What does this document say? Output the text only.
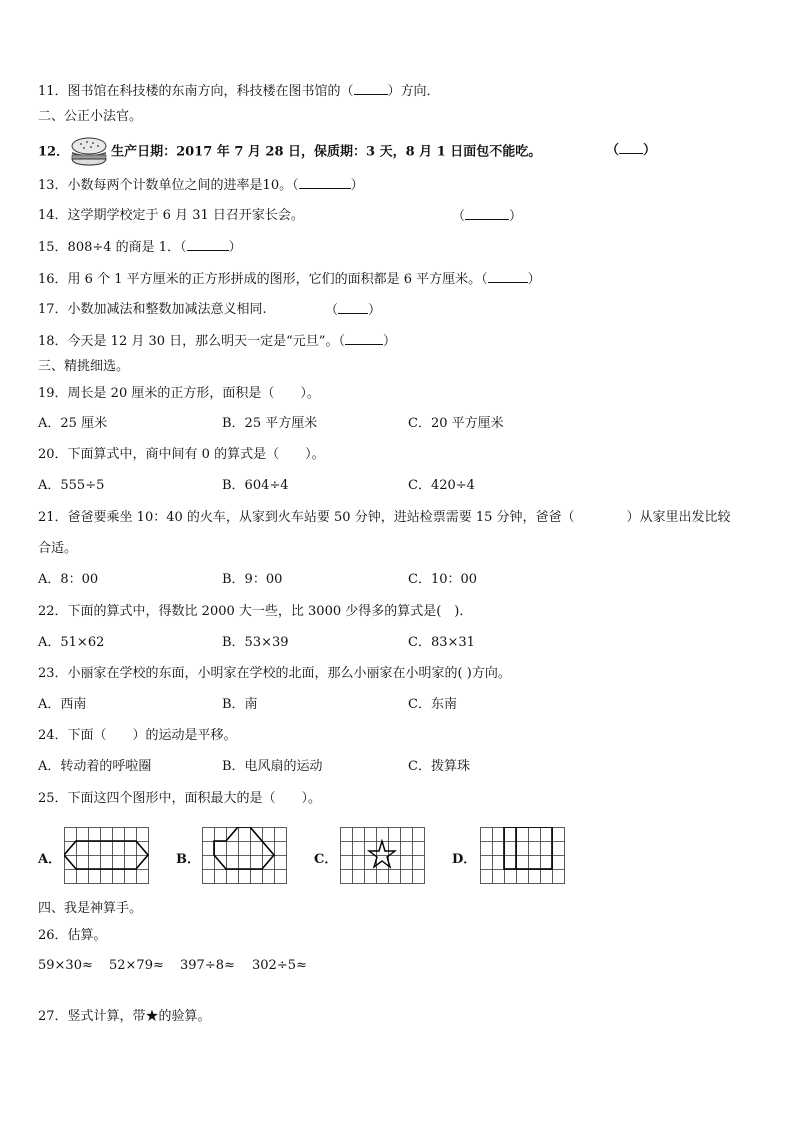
11．图书馆在科技楼的东南方向，科技楼在图书馆的（	）方向．
二、公正小法官。
12．	生产日期：2017 年 7 月 28 日，保质期：3 天，8 月 1 日面包不能吃。	（ ）
13．小数每两个计数单位之间的进率是10。（	）
14．这学期学校定于 6 月 31 日召开家长会。	（	）
15．808÷4 的商是 1．（	）
16．用 6 个 1 平方厘米的正方形拼成的图形，它们的面积都是 6 平方厘米。（	）
17．小数加减法和整数加减法意义相同.	（ ）
18．今天是 12 月 30 日，那么明天一定是“元旦”。（	）
三、精挑细选。
19．周长是 20 厘米的正方形，面积是（　　）。
A．25 厘米	B．25 平方厘米	C．20 平方厘米
20．下面算式中，商中间有 0 的算式是（　　）。
A．555÷5	B．604÷4	C．420÷4
21．爸爸要乘坐 10：40 的火车，从家到火车站要 50 分钟，进站检票需要 15 分钟，爸爸（　　　　）从家里出发比较
合适。
A．8：00	B．9：00	C．10：00
22．下面的算式中，得数比 2000 大一些，比 3000 少得多的算式是(　)．
A．51×62	B．53×39	C．83×31
23．小丽家在学校的东面，小明家在学校的北面，那么小丽家在小明家的( )方向。
A．西南	B．南	C．东南
24．下面（　　）的运动是平移。
A．转动着的呼啦圈	B．电风扇的运动	C．拨算珠
25．下面这四个图形中，面积最大的是（　　）。
A．	B．	C．	D．
四、我是神算手。
26．估算。
59×30≈ 52×79≈ 397÷8≈ 302÷5≈
27．竖式计算，带★的验算。
